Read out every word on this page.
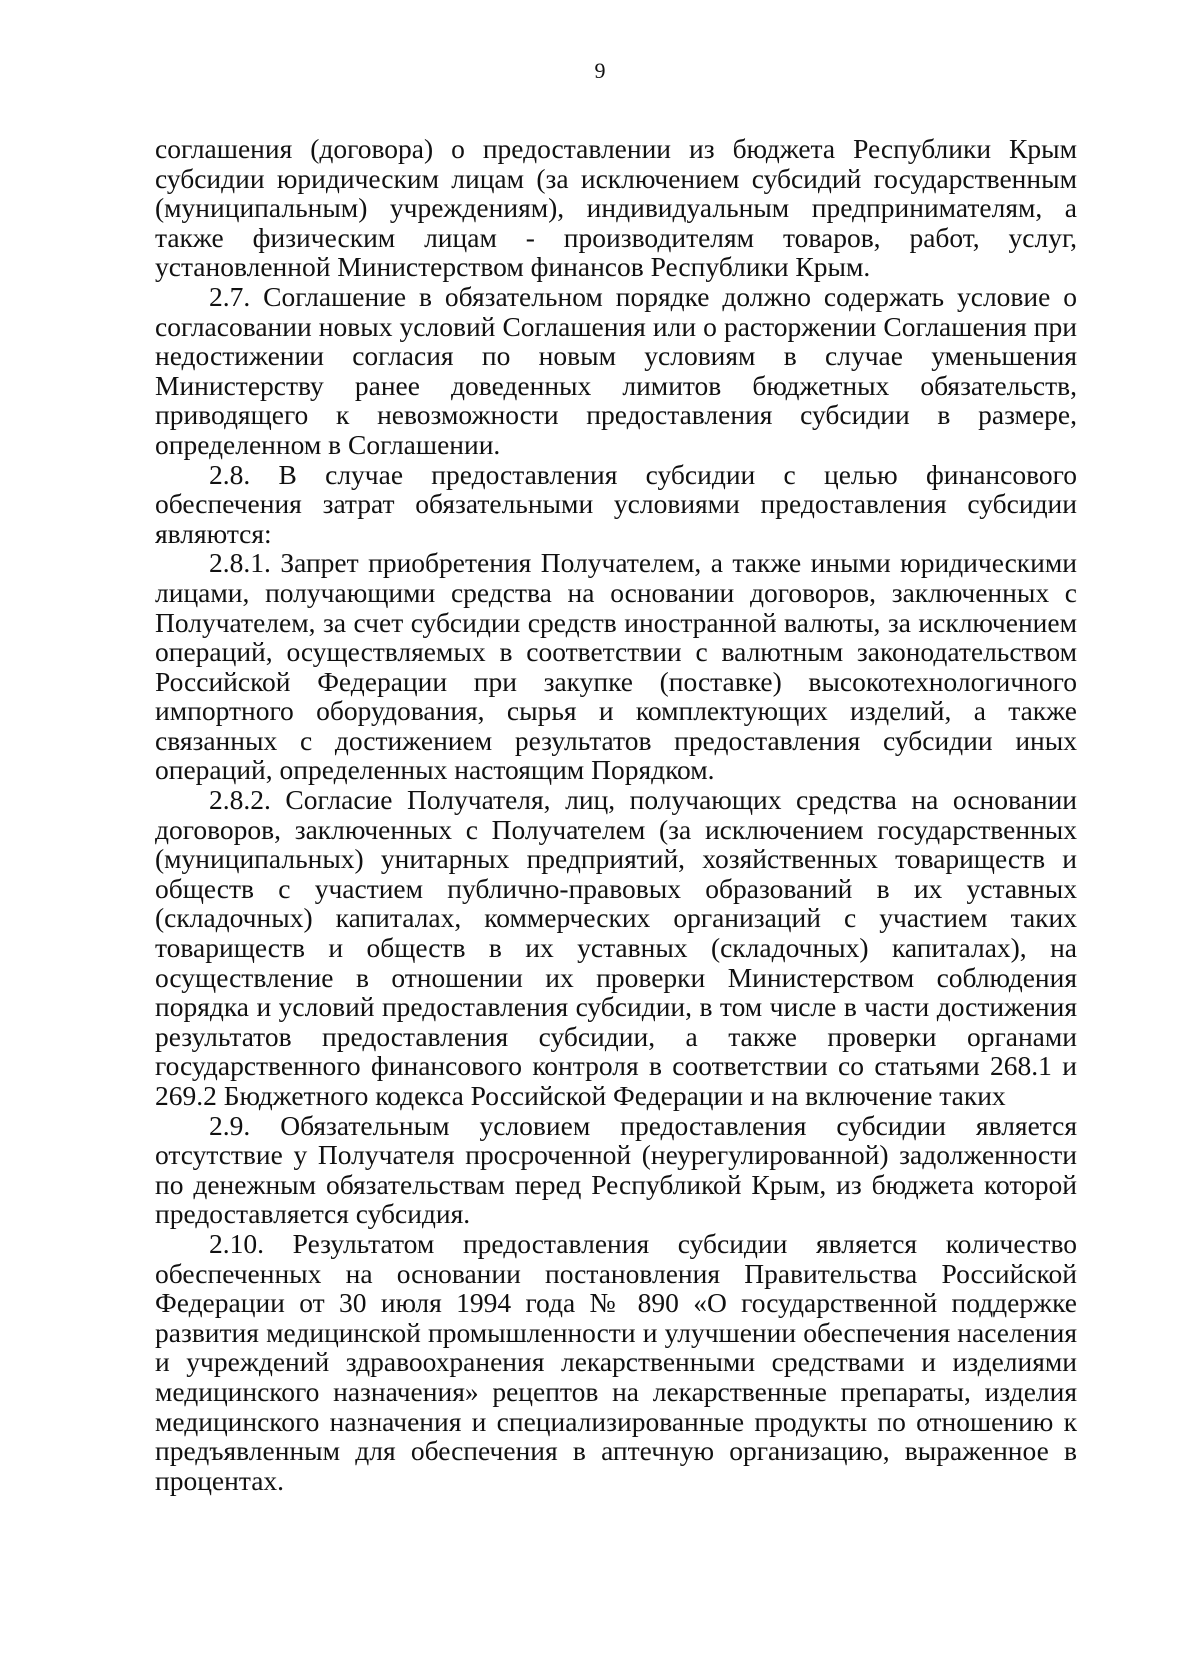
9

соглашения (договора) о предоставлении из бюджета Республики Крым субсидии юридическим лицам (за исключением субсидий государственным (муниципальным) учреждениям), индивидуальным предпринимателям, а также физическим лицам - производителям товаров, работ, услуг, установленной Министерством финансов Республики Крым.

2.7. Соглашение в обязательном порядке должно содержать условие о согласовании новых условий Соглашения или о расторжении Соглашения при недостижении согласия по новым условиям в случае уменьшения Министерству ранее доведенных лимитов бюджетных обязательств, приводящего к невозможности предоставления субсидии в размере, определенном в Соглашении.

2.8. В случае предоставления субсидии с целью финансового обеспечения затрат обязательными условиями предоставления субсидии являются:

2.8.1. Запрет приобретения Получателем, а также иными юридическими лицами, получающими средства на основании договоров, заключенных с Получателем, за счет субсидии средств иностранной валюты, за исключением операций, осуществляемых в соответствии с валютным законодательством Российской Федерации при закупке (поставке) высокотехнологичного импортного оборудования, сырья и комплектующих изделий, а также связанных с достижением результатов предоставления субсидии иных операций, определенных настоящим Порядком.

2.8.2. Согласие Получателя, лиц, получающих средства на основании договоров, заключенных с Получателем (за исключением государственных (муниципальных) унитарных предприятий, хозяйственных товариществ и обществ с участием публично-правовых образований в их уставных (складочных) капиталах, коммерческих организаций с участием таких товариществ и обществ в их уставных (складочных) капиталах), на осуществление в отношении их проверки Министерством соблюдения порядка и условий предоставления субсидии, в том числе в части достижения результатов предоставления субсидии, а также проверки органами государственного финансового контроля в соответствии со статьями 268.1 и 269.2 Бюджетного кодекса Российской Федерации и на включение таких

2.9. Обязательным условием предоставления субсидии является отсутствие у Получателя просроченной (неурегулированной) задолженности по денежным обязательствам перед Республикой Крым, из бюджета которой предоставляется субсидия.

2.10. Результатом предоставления субсидии является количество обеспеченных на основании постановления Правительства Российской Федерации от 30 июля 1994 года № 890 «О государственной поддержке развития медицинской промышленности и улучшении обеспечения населения и учреждений здравоохранения лекарственными средствами и изделиями медицинского назначения» рецептов на лекарственные препараты, изделия медицинского назначения и специализированные продукты по отношению к предъявленным для обеспечения в аптечную организацию, выраженное в процентах.
